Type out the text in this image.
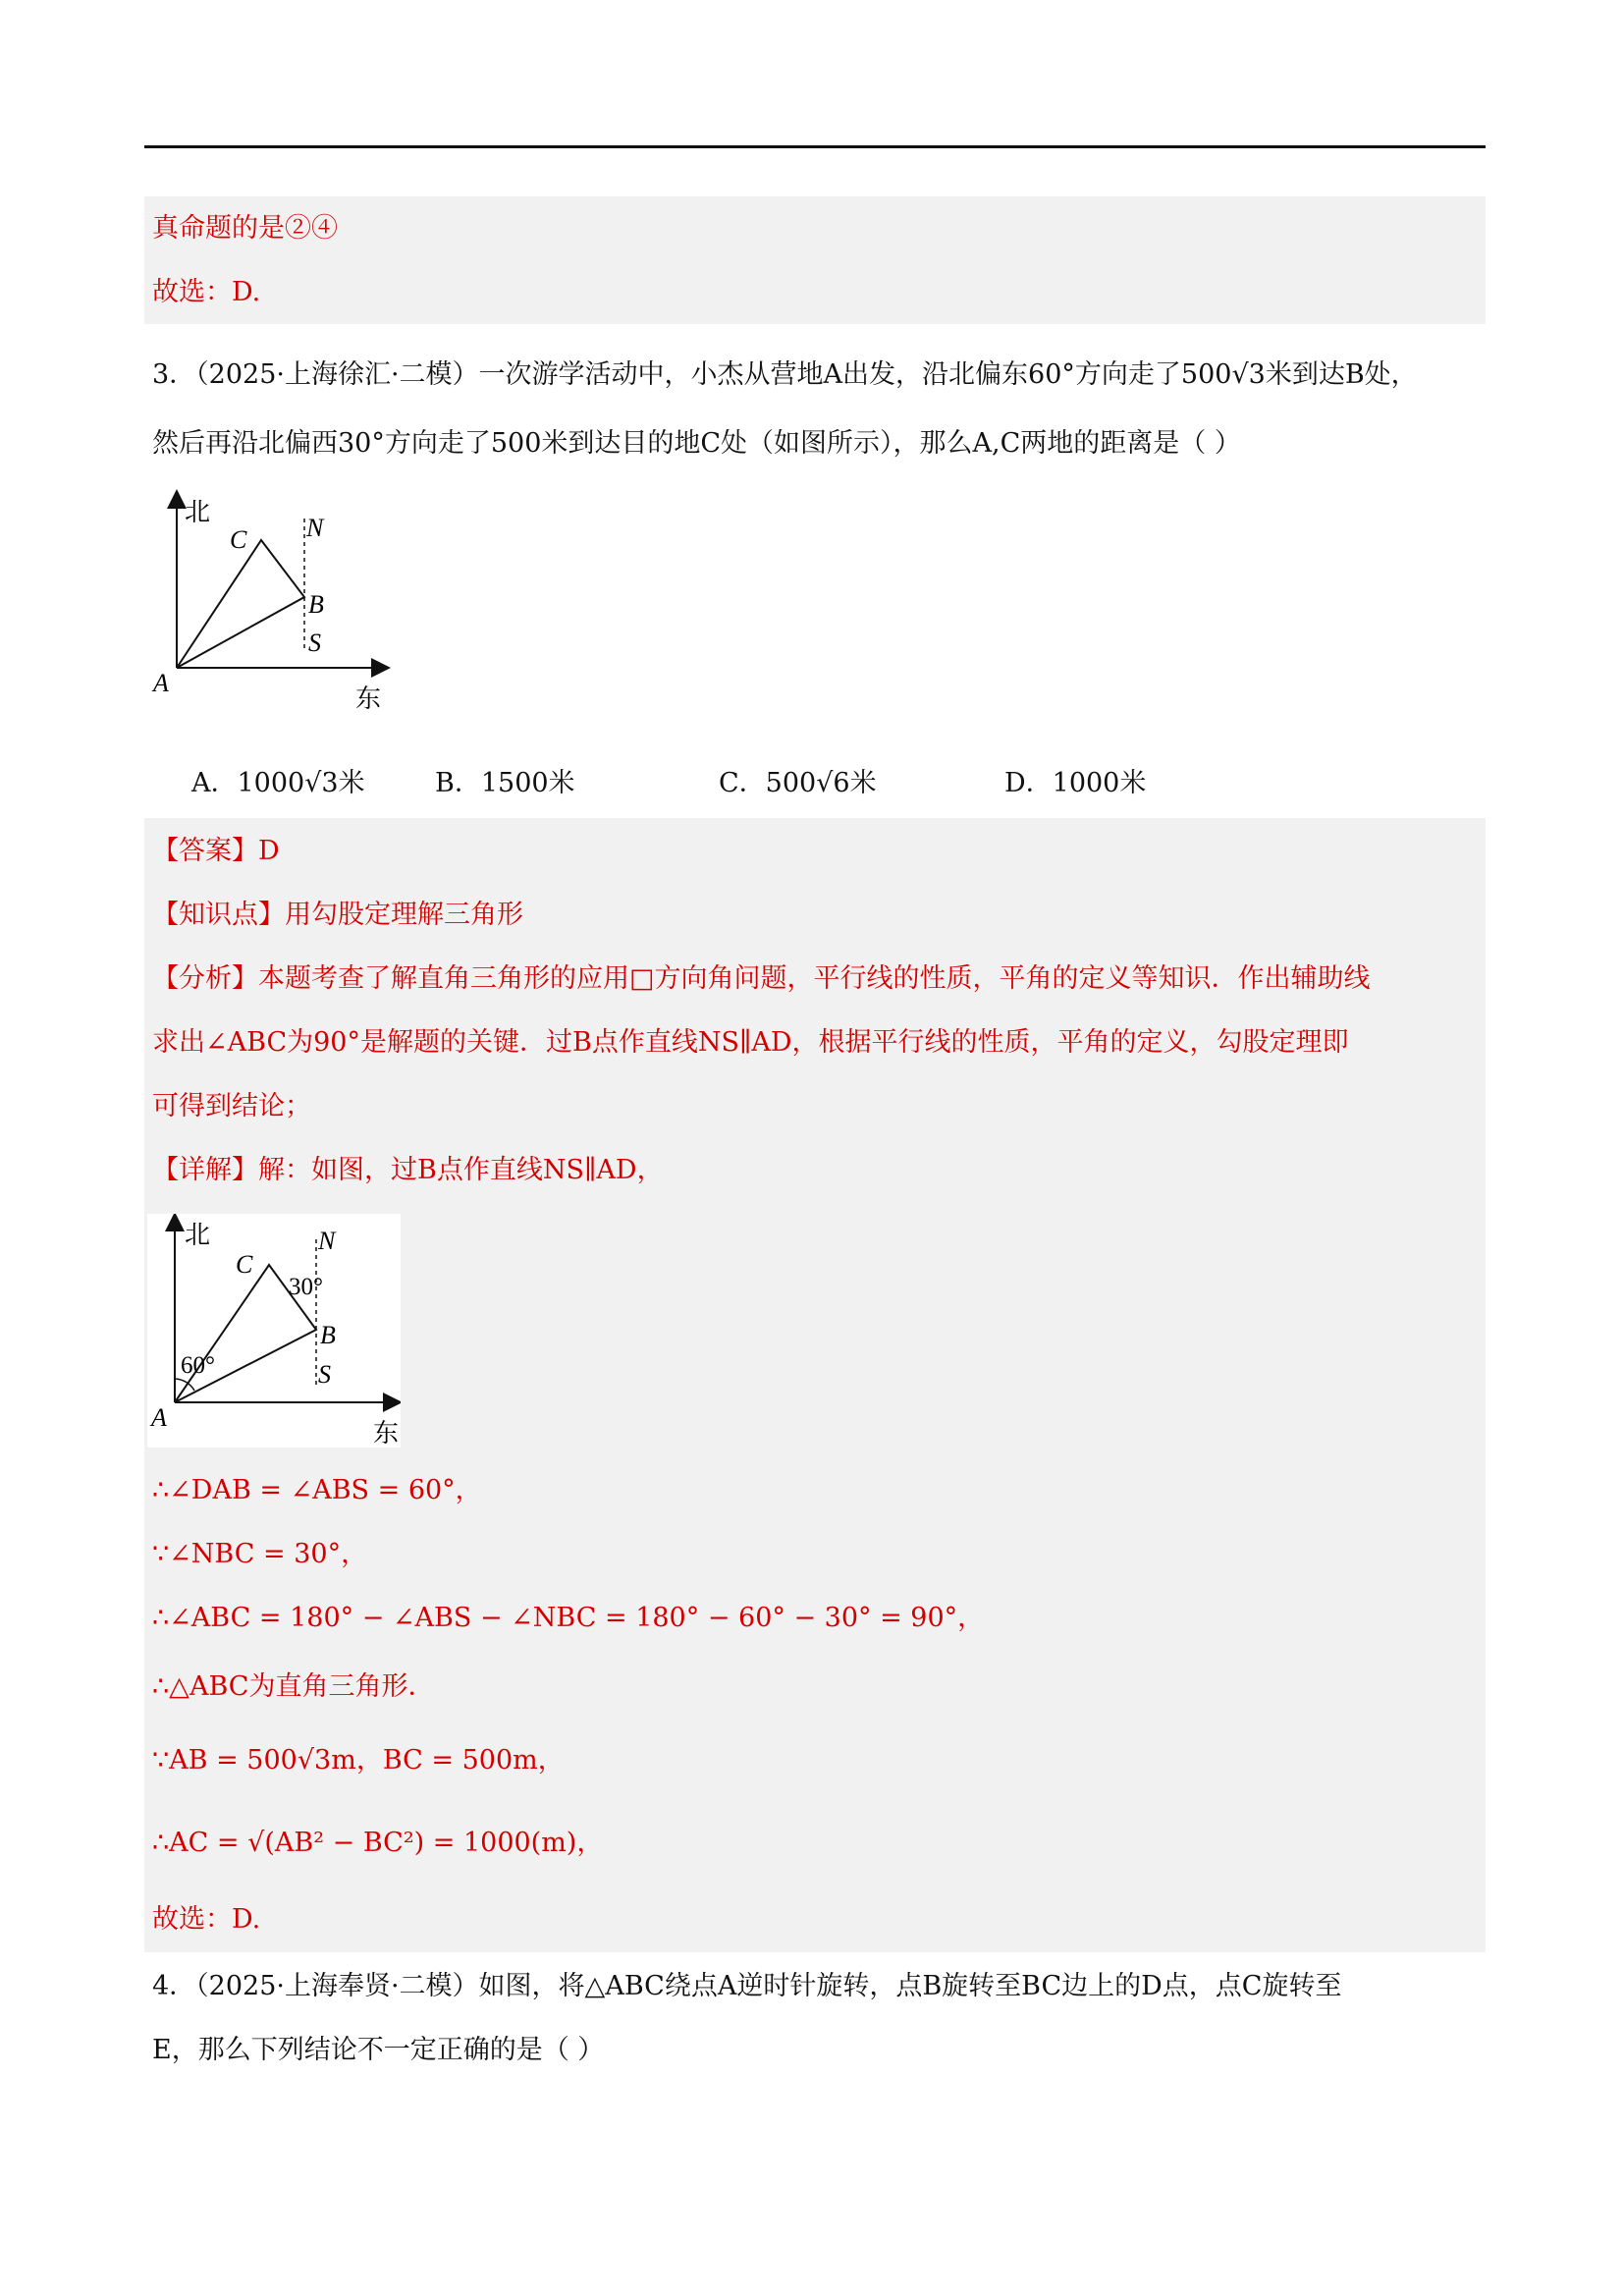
真命题的是②④
故选：D.
3．（2025·上海徐汇·二模）一次游学活动中，小杰从营地A出发，沿北偏东60°方向走了500√3米到达B处，
然后再沿北偏西30°方向走了500米到达目的地C处（如图所示），那么A,C两地的距离是（ ）
北
东
A
B
C N
S
A．1000√3米	B．1500米	C．500√6米	D．1000米
【答案】D
【知识点】用勾股定理解三角形
【分析】本题考查了解直角三角形的应用□方向角问题，平行线的性质，平角的定义等知识．作出辅助线
求出∠ABC为90°是解题的关键．过B点作直线NS∥AD，根据平行线的性质，平角的定义，勾股定理即
可得到结论；
【详解】解：如图，过B点作直线NS∥AD，
北
东
A
B
C
N
S
60°
30°
∴∠DAB = ∠ABS = 60°，
∵∠NBC = 30°，
∴∠ABC = 180° − ∠ABS − ∠NBC = 180° − 60° − 30° = 90°，
∴△ABC为直角三角形．
∵AB = 500√3m，BC = 500m，
∴AC = √(AB² − BC²) = 1000(m)，
故选：D.
4．（2025·上海奉贤·二模）如图，将△ABC绕点A逆时针旋转，点B旋转至BC边上的D点，点C旋转至
E，那么下列结论不一定正确的是（ ）
